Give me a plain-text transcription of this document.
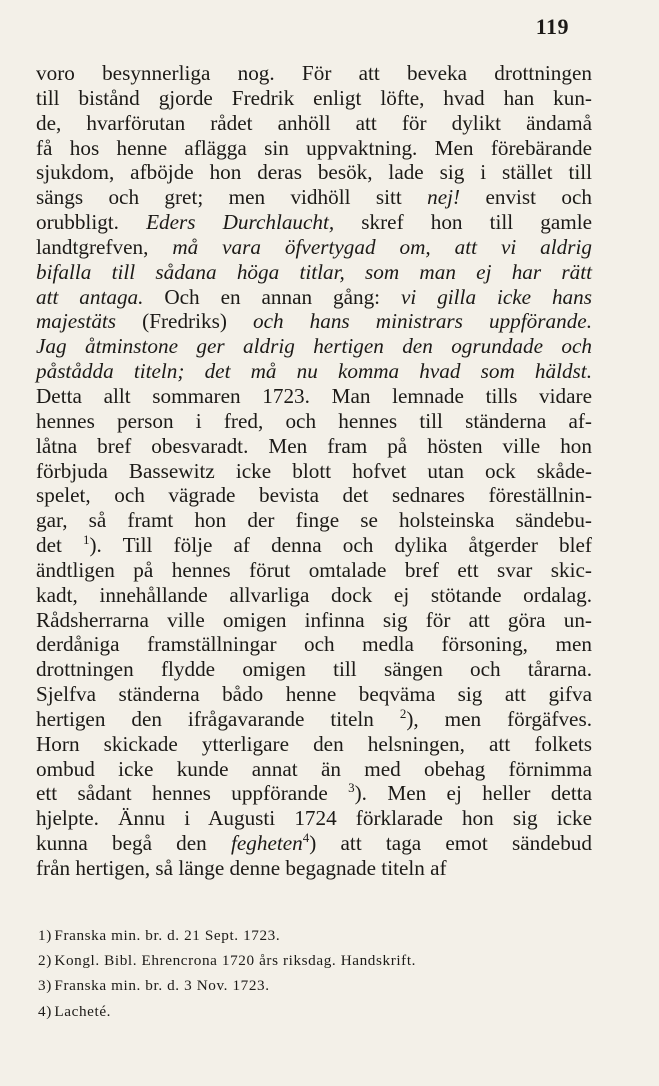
119
voro besynnerliga nog. För att beveka drottningen
till bistånd gjorde Fredrik enligt löfte, hvad han kun-
de, hvarförutan rådet anhöll att för dylikt ändamå
få hos henne aflägga sin uppvaktning. Men förebärande
sjukdom, afböjde hon deras besök, lade sig i stället till
sängs och gret; men vidhöll sitt nej! envist och
orubbligt. Eders Durchlaucht, skref hon till gamle
landtgrefven, må vara öfvertygad om, att vi aldrig
bifalla till sådana höga titlar, som man ej har rätt
att antaga. Och en annan gång: vi gilla icke hans
majestäts (Fredriks) och hans ministrars uppförande.
Jag åtminstone ger aldrig hertigen den ogrundade och
påstådda titeln; det må nu komma hvad som häldst.
Detta allt sommaren 1723. Man lemnade tills vidare
hennes person i fred, och hennes till ständerna af-
låtna bref obesvaradt. Men fram på hösten ville hon
förbjuda Bassewitz icke blott hofvet utan ock skåde-
spelet, och vägrade bevista det sednares föreställnin-
gar, så framt hon der finge se holsteinska sändebu-
det $^1$). Till följe af denna och dylika åtgerder blef
ändtligen på hennes förut omtalade bref ett svar skic-
kadt, innehållande allvarliga dock ej stötande ordalag.
Rådsherrarna ville omigen infinna sig för att göra un-
derdåniga framställningar och medla försoning, men
drottningen flydde omigen till sängen och tårarna.
Sjelfva ständerna bådo henne beqväma sig att gifva
hertigen den ifrågavarande titeln $^2$), men förgäfves.
Horn skickade ytterligare den helsningen, att folkets
ombud icke kunde annat än med obehag förnimma
ett sådant hennes uppförande $^3$). Men ej heller detta
hjelpte. Ännu i Augusti 1724 förklarade hon sig icke
kunna begå den fegheten$^4$) att taga emot sändebud
från hertigen, så länge denne begagnade titeln af
1) Franska min. br. d. 21 Sept. 1723.
2) Kongl. Bibl. Ehrencrona 1720 års riksdag. Handskrift.
3) Franska min. br. d. 3 Nov. 1723.
4) Lacheté.
